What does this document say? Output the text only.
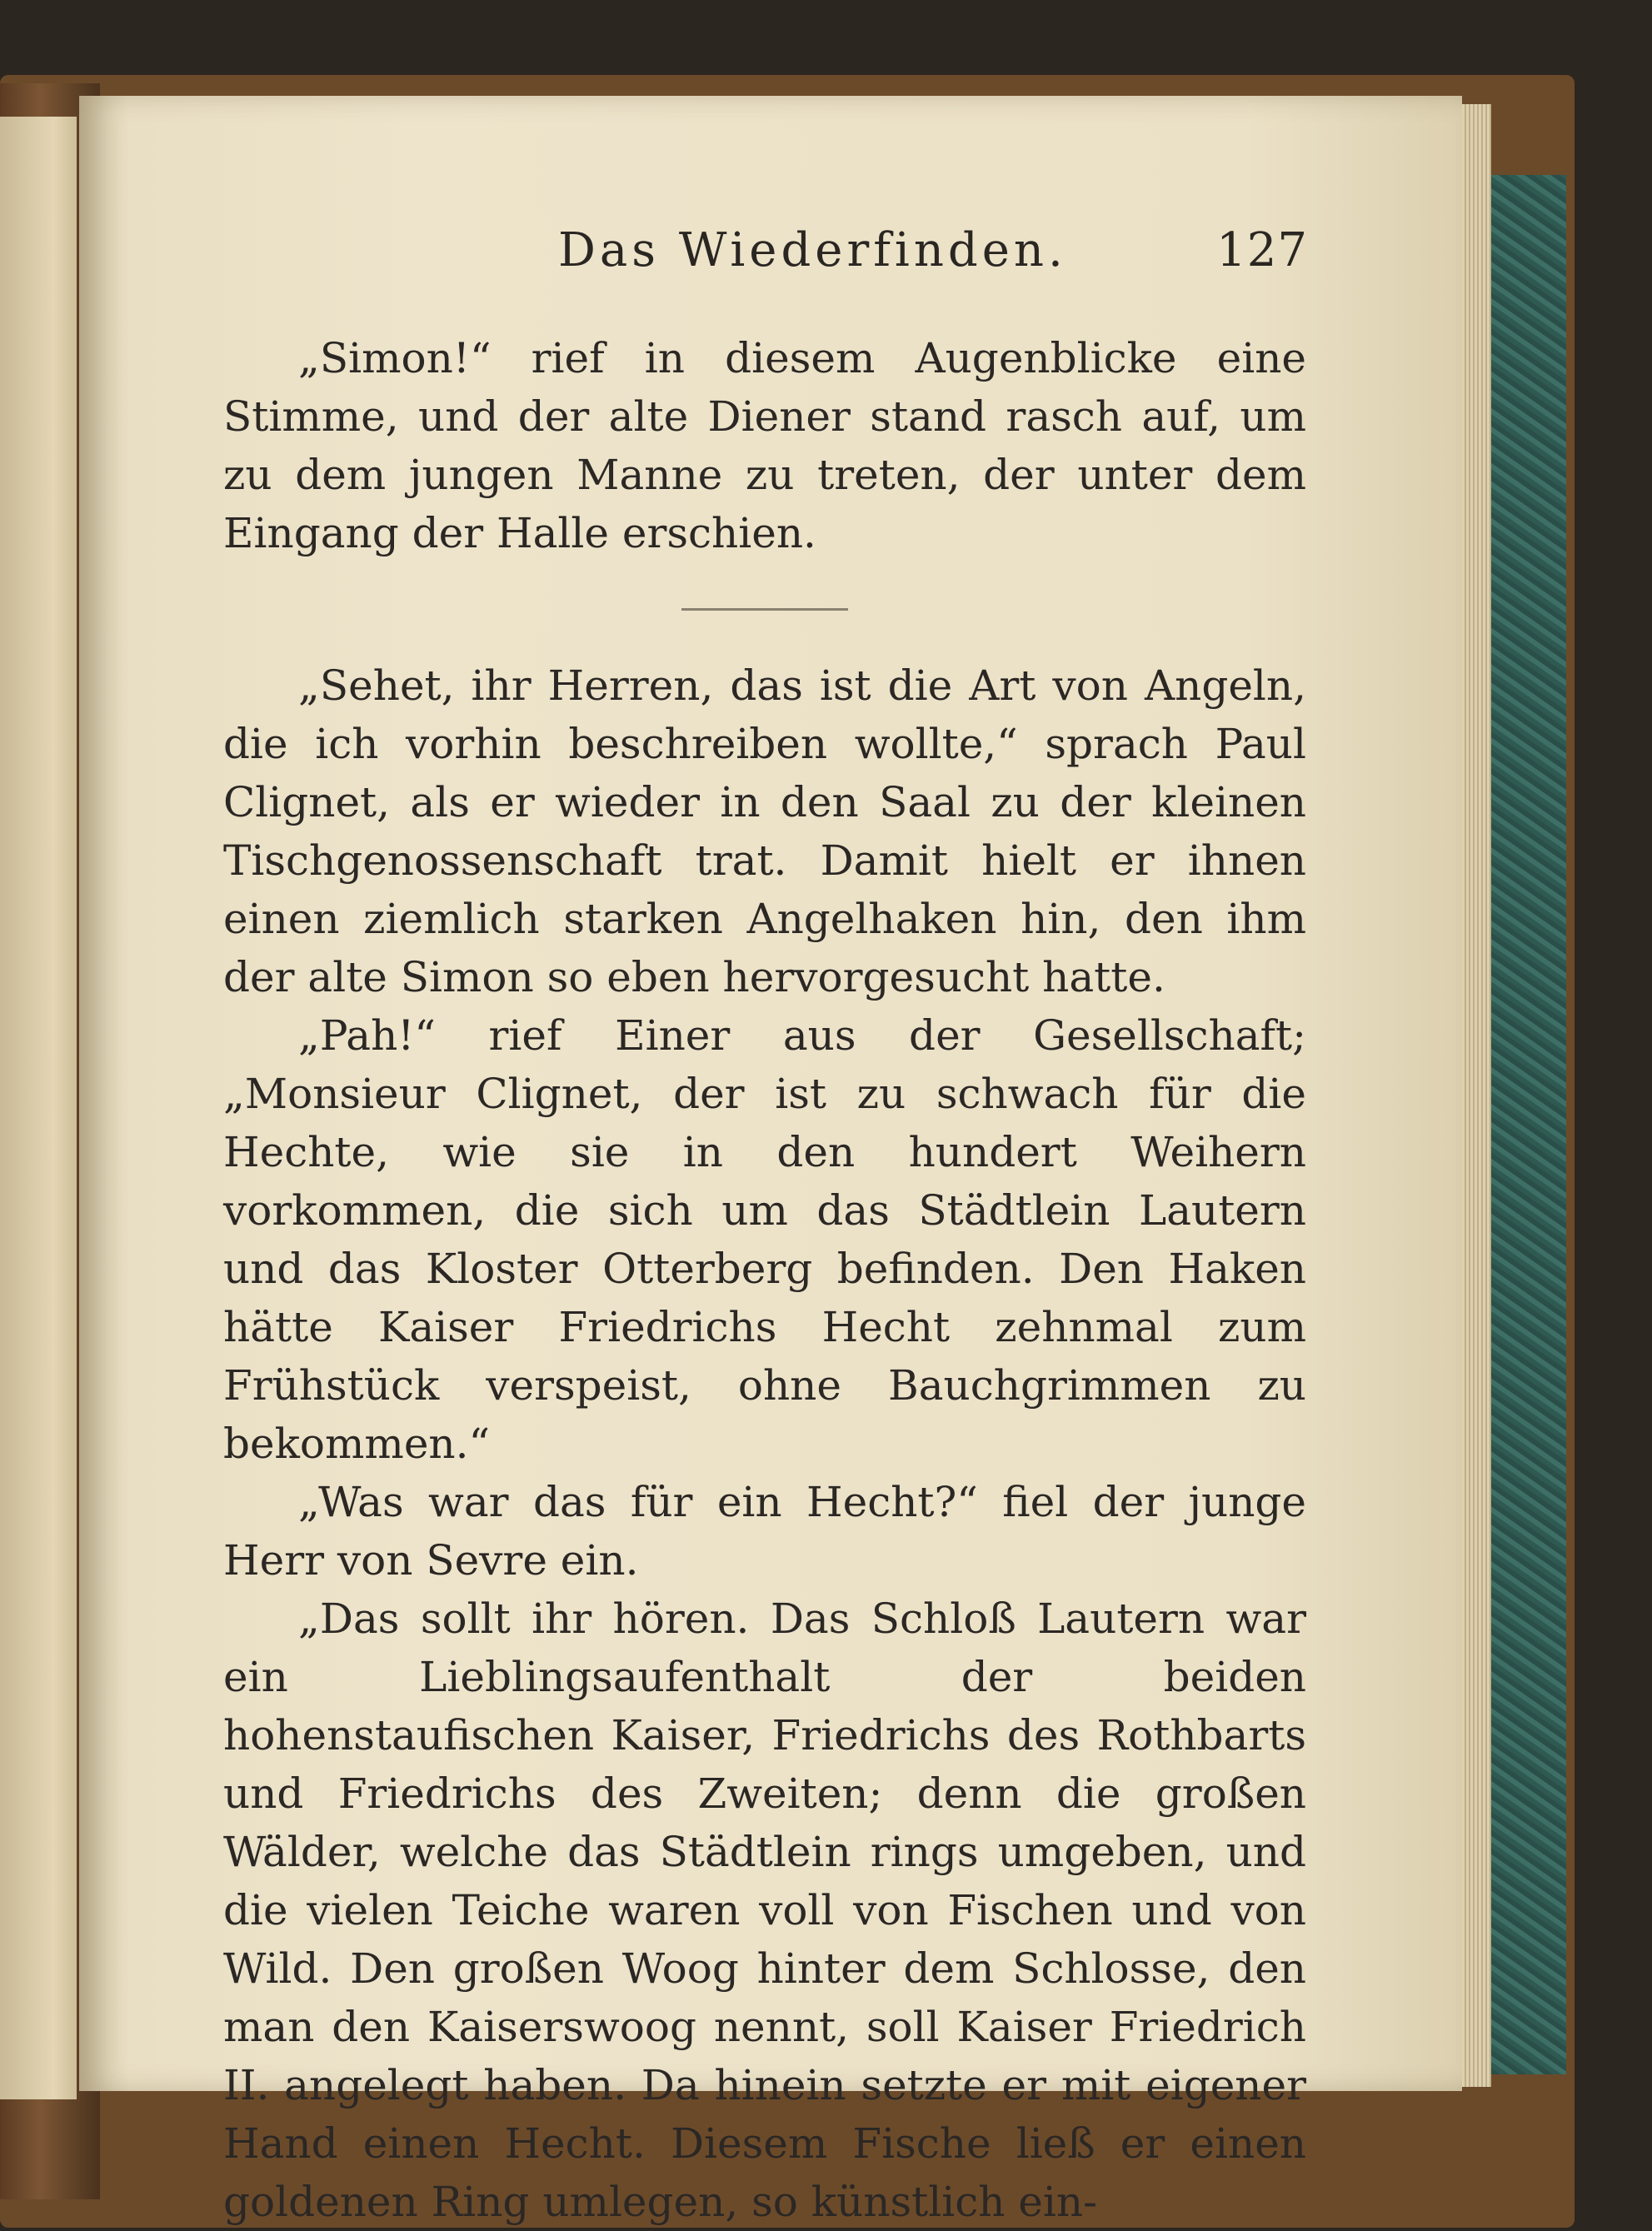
Das Wiederfinden.	127

„Simon!“ rief in diesem Augenblicke eine Stimme, und der alte Diener stand rasch auf, um zu dem jungen Manne zu treten, der unter dem Eingang der Halle erschien.

„Sehet, ihr Herren, das ist die Art von Angeln, die ich vorhin beschreiben wollte,“ sprach Paul Clignet, als er wieder in den Saal zu der kleinen Tischgenossenschaft trat. Damit hielt er ihnen einen ziemlich starken Angelhaken hin, den ihm der alte Simon so eben hervorgesucht hatte.

„Pah!“ rief Einer aus der Gesellschaft; „Monsieur Clignet, der ist zu schwach für die Hechte, wie sie in den hundert Weihern vorkommen, die sich um das Städtlein Lautern und das Kloster Otterberg befinden. Den Haken hätte Kaiser Friedrichs Hecht zehnmal zum Frühstück verspeist, ohne Bauchgrimmen zu bekommen.“

„Was war das für ein Hecht?“ fiel der junge Herr von Sevre ein.

„Das sollt ihr hören. Das Schloß Lautern war ein Lieblingsaufenthalt der beiden hohenstaufischen Kaiser, Friedrichs des Rothbarts und Friedrichs des Zweiten; denn die großen Wälder, welche das Städtlein rings umgeben, und die vielen Teiche waren voll von Fischen und von Wild. Den großen Woog hinter dem Schlosse, den man den Kaiserswoog nennt, soll Kaiser Friedrich II. angelegt haben. Da hinein setzte er mit eigener Hand einen Hecht. Diesem Fische ließ er einen goldenen Ring umlegen, so künstlich ein-
